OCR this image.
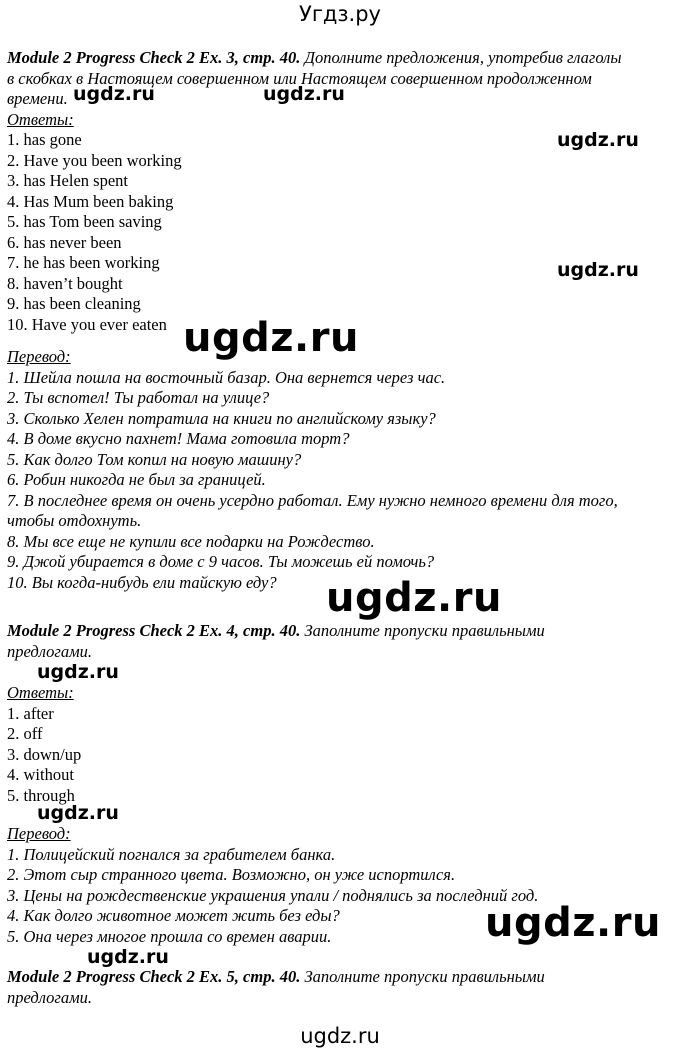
Угдз.ру
Module 2 Progress Check 2 Ex. 3, стр. 40. Дополните предложения, употребив глаголы
в скобках в Настоящем совершенном или Настоящем совершенном продолженном
времени.
Ответы:
1. has gone
2. Have you been working
3. has Helen spent
4. Has Mum been baking
5. has Tom been saving
6. has never been
7. he has been working
8. haven’t bought
9. has been cleaning
10. Have you ever eaten
Перевод:
1. Шейла пошла на восточный базар. Она вернется через час.
2. Ты вспотел! Ты работал на улице?
3. Сколько Хелен потратила на книги по английскому языку?
4. В доме вкусно пахнет! Мама готовила торт?
5. Как долго Том копил на новую машину?
6. Робин никогда не был за границей.
7. В последнее время он очень усердно работал. Ему нужно немного времени для того,
чтобы отдохнуть.
8. Мы все еще не купили все подарки на Рождество.
9. Джой убирается в доме с 9 часов. Ты можешь ей помочь?
10. Вы когда-нибудь ели тайскую еду?
Module 2 Progress Check 2 Ex. 4, стр. 40. Заполните пропуски правильными
предлогами.
Ответы:
1. after
2. off
3. down/up
4. without
5. through
Перевод:
1. Полицейский погнался за грабителем банка.
2. Этот сыр странного цвета. Возможно, он уже испортился.
3. Цены на рождественские украшения упали / поднялись за последний год.
4. Как долго животное может жить без еды?
5. Она через многое прошла со времен аварии.
Module 2 Progress Check 2 Ex. 5, стр. 40. Заполните пропуски правильными
предлогами.
ugdz.ru	ugdz.ru
ugdz.ru
ugdz.ru
ugdz.ru
ugdz.ru
ugdz.ru
ugdz.ru
ugdz.ru
ugdz.ru
ugdz.ru
